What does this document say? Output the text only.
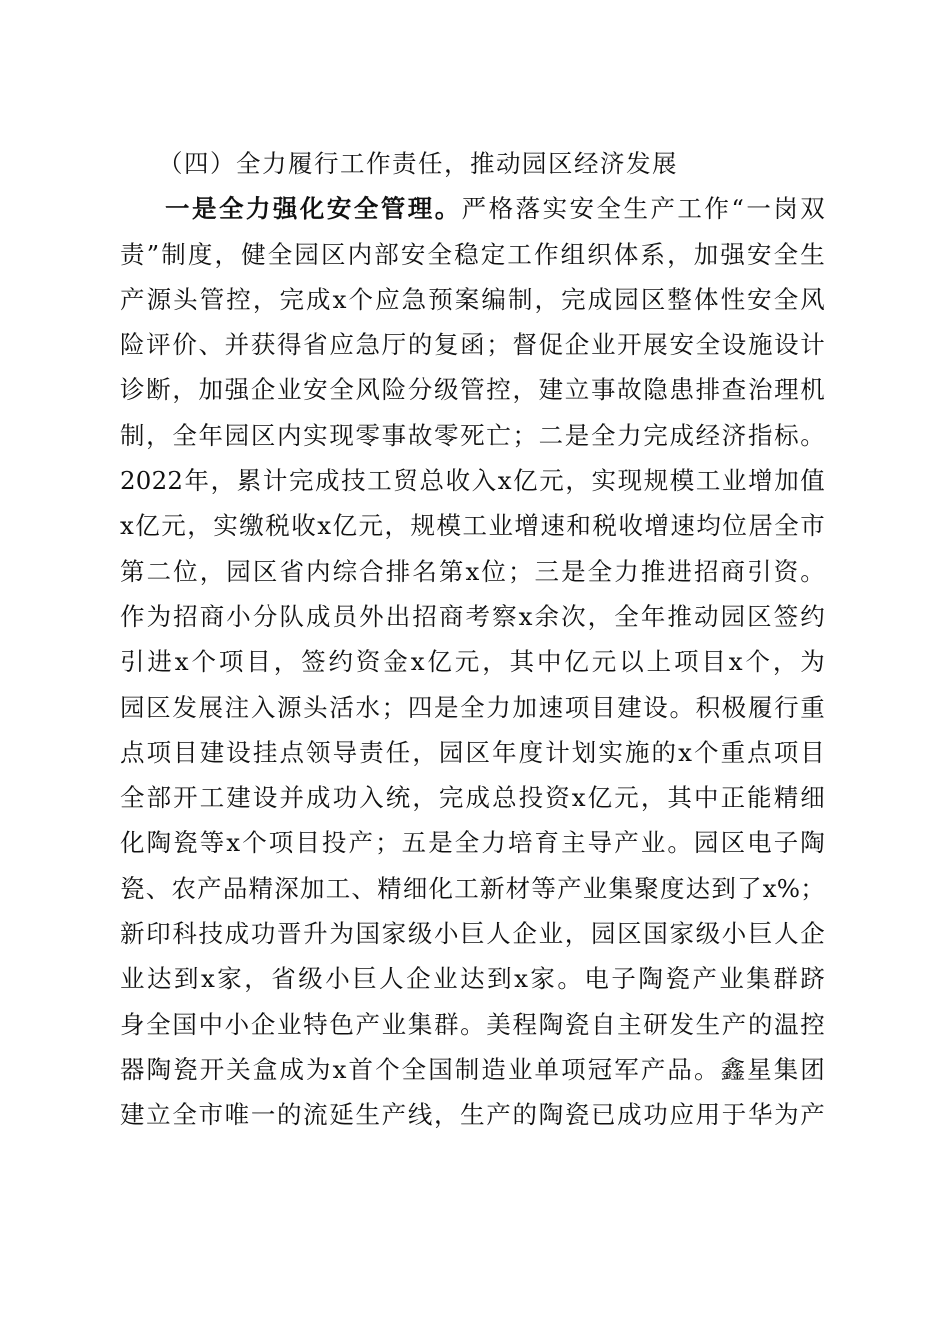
（四）全力履行工作责任，推动园区经济发展
一是全力强化安全管理。严格落实安全生产工作“一岗双
责”制度，健全园区内部安全稳定工作组织体系，加强安全生
产源头管控，完成x个应急预案编制，完成园区整体性安全风
险评价、并获得省应急厅的复函；督促企业开展安全设施设计
诊断，加强企业安全风险分级管控，建立事故隐患排查治理机
制，全年园区内实现零事故零死亡；二是全力完成经济指标。
2022年，累计完成技工贸总收入x亿元，实现规模工业增加值
x亿元，实缴税收x亿元，规模工业增速和税收增速均位居全市
第二位，园区省内综合排名第x位；三是全力推进招商引资。
作为招商小分队成员外出招商考察x余次，全年推动园区签约
引进x个项目，签约资金x亿元，其中亿元以上项目x个，为
园区发展注入源头活水；四是全力加速项目建设。积极履行重
点项目建设挂点领导责任，园区年度计划实施的x个重点项目
全部开工建设并成功入统，完成总投资x亿元，其中正能精细
化陶瓷等x个项目投产；五是全力培育主导产业。园区电子陶
瓷、农产品精深加工、精细化工新材等产业集聚度达到了x%；
新印科技成功晋升为国家级小巨人企业，园区国家级小巨人企
业达到x家，省级小巨人企业达到x家。电子陶瓷产业集群跻
身全国中小企业特色产业集群。美程陶瓷自主研发生产的温控
器陶瓷开关盒成为x首个全国制造业单项冠军产品。鑫星集团
建立全市唯一的流延生产线，生产的陶瓷已成功应用于华为产
